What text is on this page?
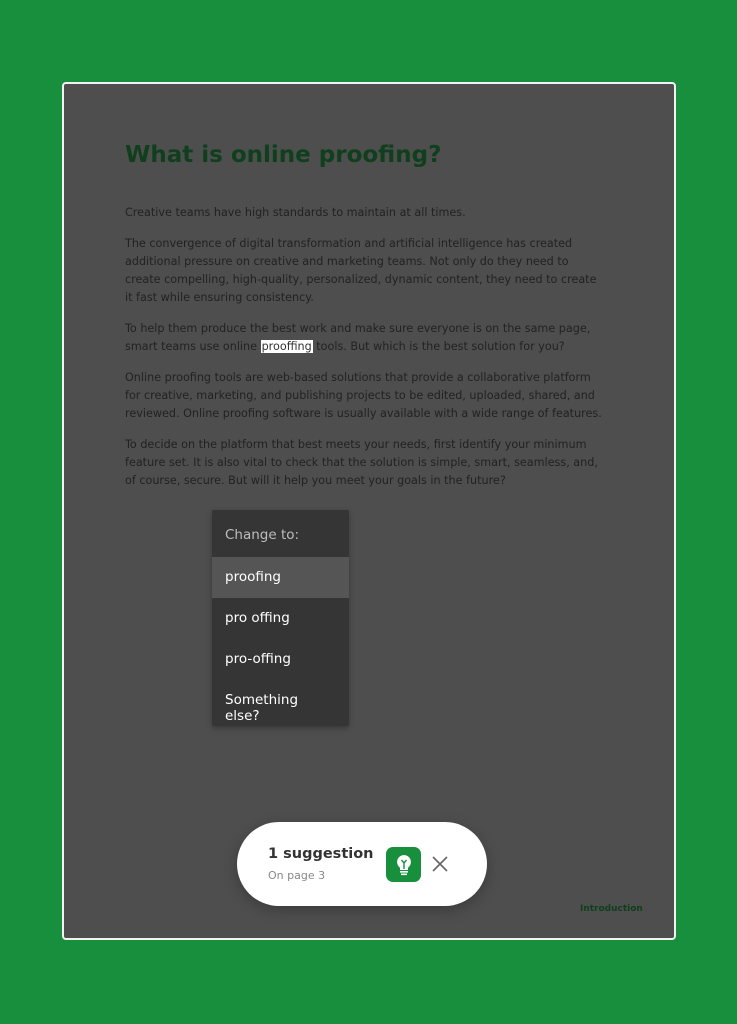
What is online proofing?

Creative teams have high standards to maintain at all times.

The convergence of digital transformation and artificial intelligence has created additional pressure on creative and marketing teams. Not only do they need to create compelling, high-quality, personalized, dynamic content, they need to create it fast while ensuring consistency.

To help them produce the best work and make sure everyone is on the same page, smart teams use online prooffing tools. But which is the best solution for you?

Online proofing tools are web-based solutions that provide a collaborative platform for creative, marketing, and publishing projects to be edited, uploaded, shared, and reviewed. Online proofing software is usually available with a wide range of features.

To decide on the platform that best meets your needs, first identify your minimum feature set. It is also vital to check that the solution is simple, smart, seamless, and, of course, secure. But will it help you meet your goals in the future?

Introduction
Change to:
proofing
pro offing
pro-offing
Something else?
1 suggestion
On page 3
